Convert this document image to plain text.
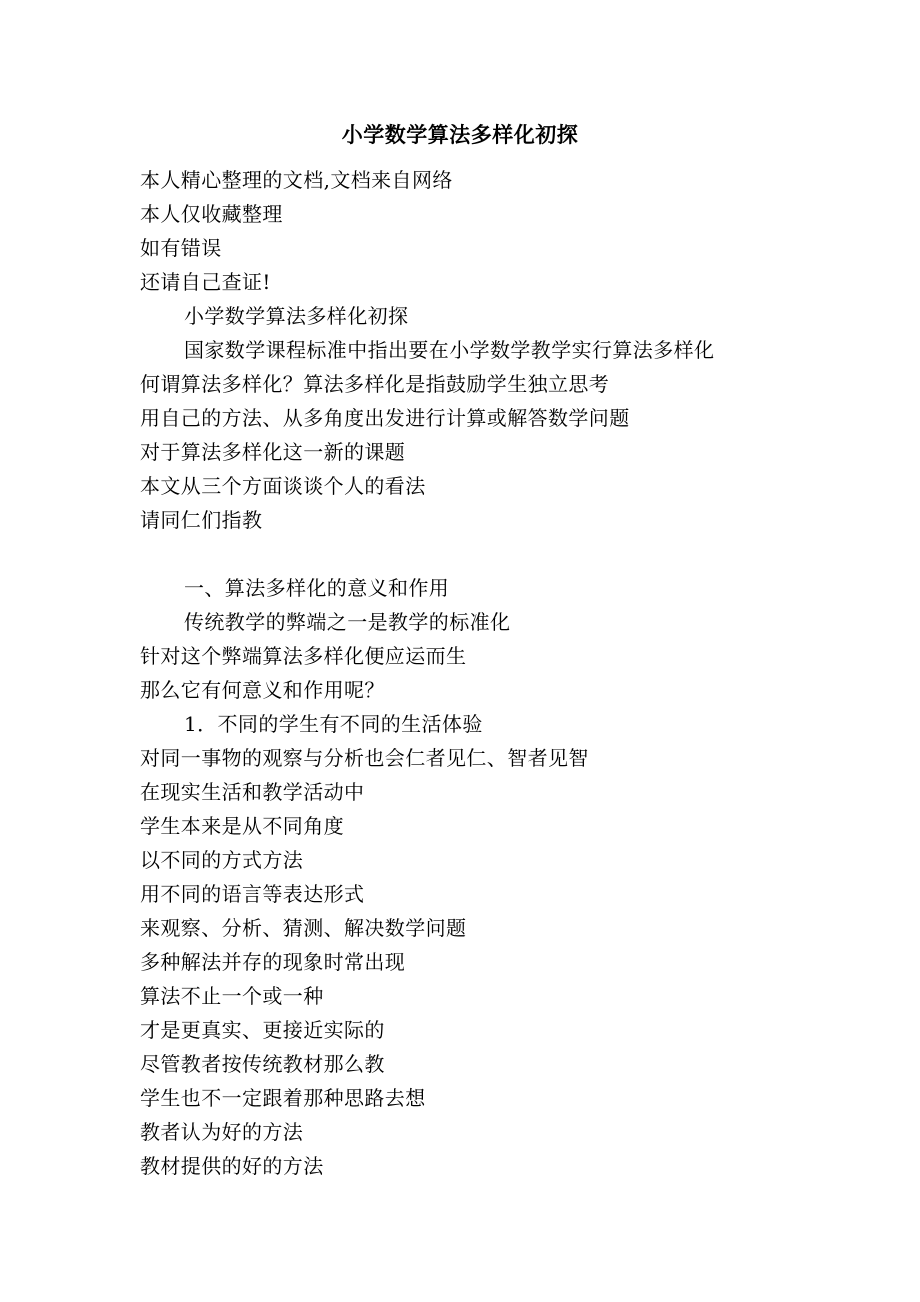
小学数学算法多样化初探
本人精心整理的文档,文档来自网络
本人仅收藏整理
如有错误
还请自己查证!
小学数学算法多样化初探
国家数学课程标准中指出要在小学数学教学实行算法多样化
何谓算法多样化？算法多样化是指鼓励学生独立思考
用自己的方法、从多角度出发进行计算或解答数学问题
对于算法多样化这一新的课题
本文从三个方面谈谈个人的看法
请同仁们指教
一、算法多样化的意义和作用
传统教学的弊端之一是教学的标准化
针对这个弊端算法多样化便应运而生
那么它有何意义和作用呢？
1．不同的学生有不同的生活体验
对同一事物的观察与分析也会仁者见仁、智者见智
在现实生活和教学活动中
学生本来是从不同角度
以不同的方式方法
用不同的语言等表达形式
来观察、分析、猜测、解决数学问题
多种解法并存的现象时常出现
算法不止一个或一种
才是更真实、更接近实际的
尽管教者按传统教材那么教
学生也不一定跟着那种思路去想
教者认为好的方法
教材提供的好的方法
